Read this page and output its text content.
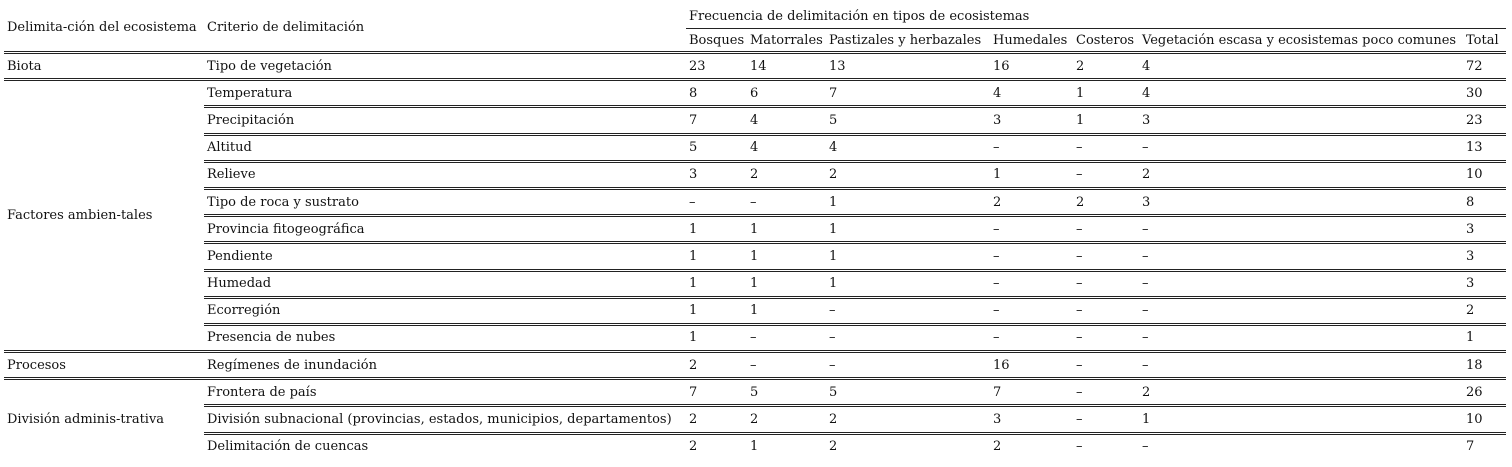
Delimita-ción del ecosistema	Criterio de delimitación	Frecuencia de delimitación en tipos de ecosistemas						
		Bosques	Matorrales	Pastizales y herbazales	Humedales	Costeros	Vegetación escasa y ecosistemas poco comunes	Total
Biota	Tipo de vegetación	23	14	13	16	2	4	72
Factores ambien-tales	Temperatura	8	6	7	4	1	4	30
	Precipitación	7	4	5	3	1	3	23
	Altitud	5	4	4	–	–	–	13
	Relieve	3	2	2	1	–	2	10
	Tipo de roca y sustrato	–	–	1	2	2	3	8
	Provincia fitogeográfica	1	1	1	–	–	–	3
	Pendiente	1	1	1	–	–	–	3
	Humedad	1	1	1	–	–	–	3
	Ecorregión	1	1	–	–	–	–	2
	Presencia de nubes	1	–	–	–	–	–	1
Procesos	Regímenes de inundación	2	–	–	16	–	–	18
División adminis-trativa	Frontera de país	7	5	5	7	–	2	26
	División subnacional (provincias, estados, municipios, departamentos)	2	2	2	3	–	1	10
	Delimitación de cuencas	2	1	2	2	–	–	7
